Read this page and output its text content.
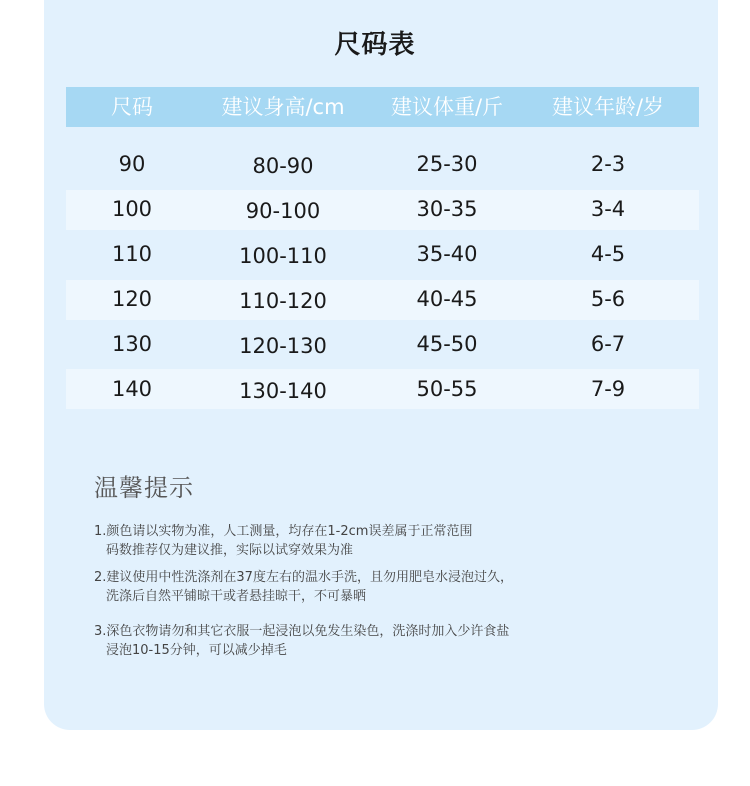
尺码表
尺码	建议身高/cm	建议体重/斤	建议年龄/岁
90	80-90	25-30	2-3
100	90-100	30-35	3-4
110	100-110	35-40	4-5
120	110-120	40-45	5-6
130	120-130	45-50	6-7
140	130-140	50-55	7-9
温馨提示
1.颜色请以实物为准，人工测量，均存在1-2cm误差属于正常范围
码数推荐仅为建议推，实际以试穿效果为准
2.建议使用中性洗涤剂在37度左右的温水手洗，且勿用肥皂水浸泡过久，
洗涤后自然平铺晾干或者悬挂晾干，不可暴晒
3.深色衣物请勿和其它衣服一起浸泡以免发生染色，洗涤时加入少许食盐
浸泡10-15分钟，可以减少掉毛
